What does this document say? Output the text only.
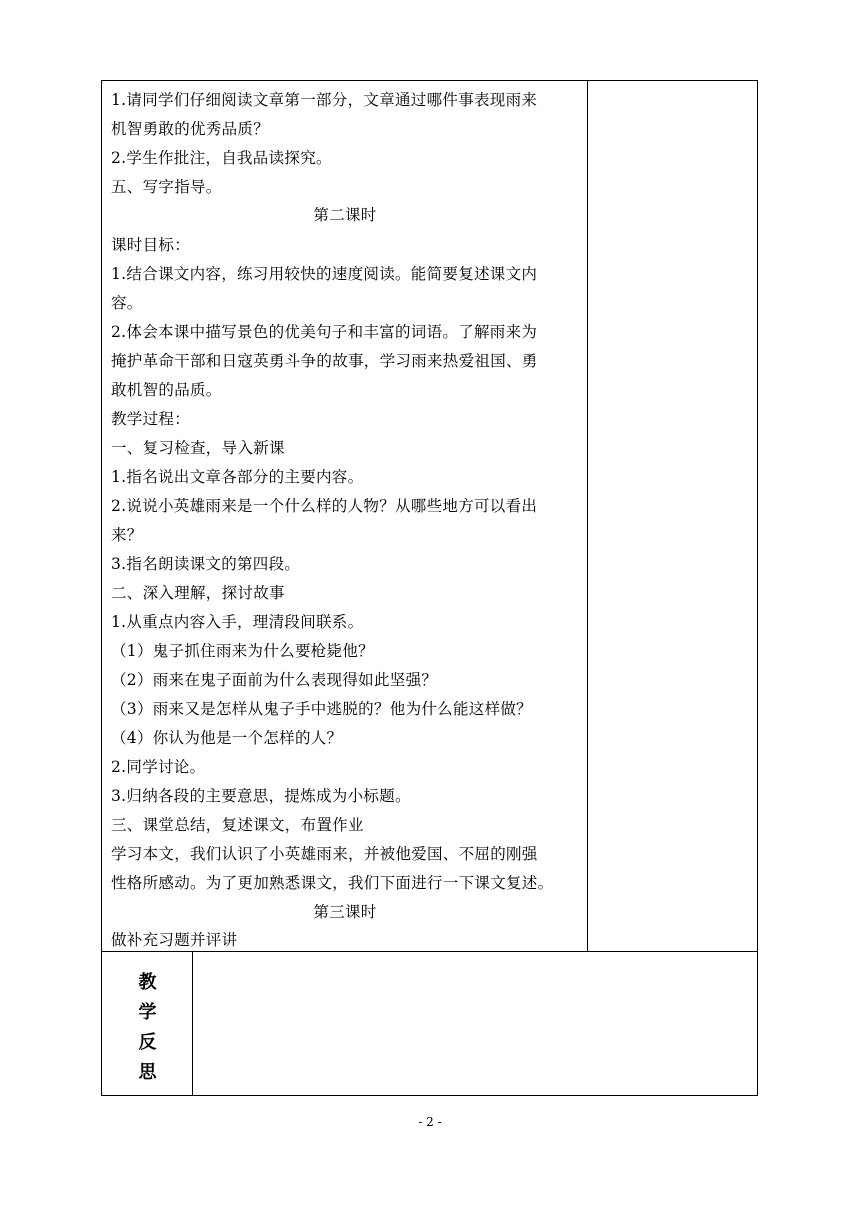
1.请同学们仔细阅读文章第一部分，文章通过哪件事表现雨来
机智勇敢的优秀品质？
2.学生作批注，自我品读探究。
五、写字指导。
第二课时
课时目标：
1.结合课文内容，练习用较快的速度阅读。能简要复述课文内
容。
2.体会本课中描写景色的优美句子和丰富的词语。了解雨来为
掩护革命干部和日寇英勇斗争的故事，学习雨来热爱祖国、勇
敢机智的品质。
教学过程：
一、复习检查，导入新课
1.指名说出文章各部分的主要内容。
2.说说小英雄雨来是一个什么样的人物？从哪些地方可以看出
来？
3.指名朗读课文的第四段。
二、深入理解，探讨故事
1.从重点内容入手，理清段间联系。
（1）鬼子抓住雨来为什么要枪毙他？
（2）雨来在鬼子面前为什么表现得如此坚强？
（3）雨来又是怎样从鬼子手中逃脱的？他为什么能这样做？
（4）你认为他是一个怎样的人？
2.同学讨论。
3.归纳各段的主要意思，提炼成为小标题。
三、课堂总结，复述课文，布置作业
学习本文，我们认识了小英雄雨来，并被他爱国、不屈的刚强
性格所感动。为了更加熟悉课文，我们下面进行一下课文复述。
第三课时
做补充习题并评讲
教
学
反
思
- 2 -
